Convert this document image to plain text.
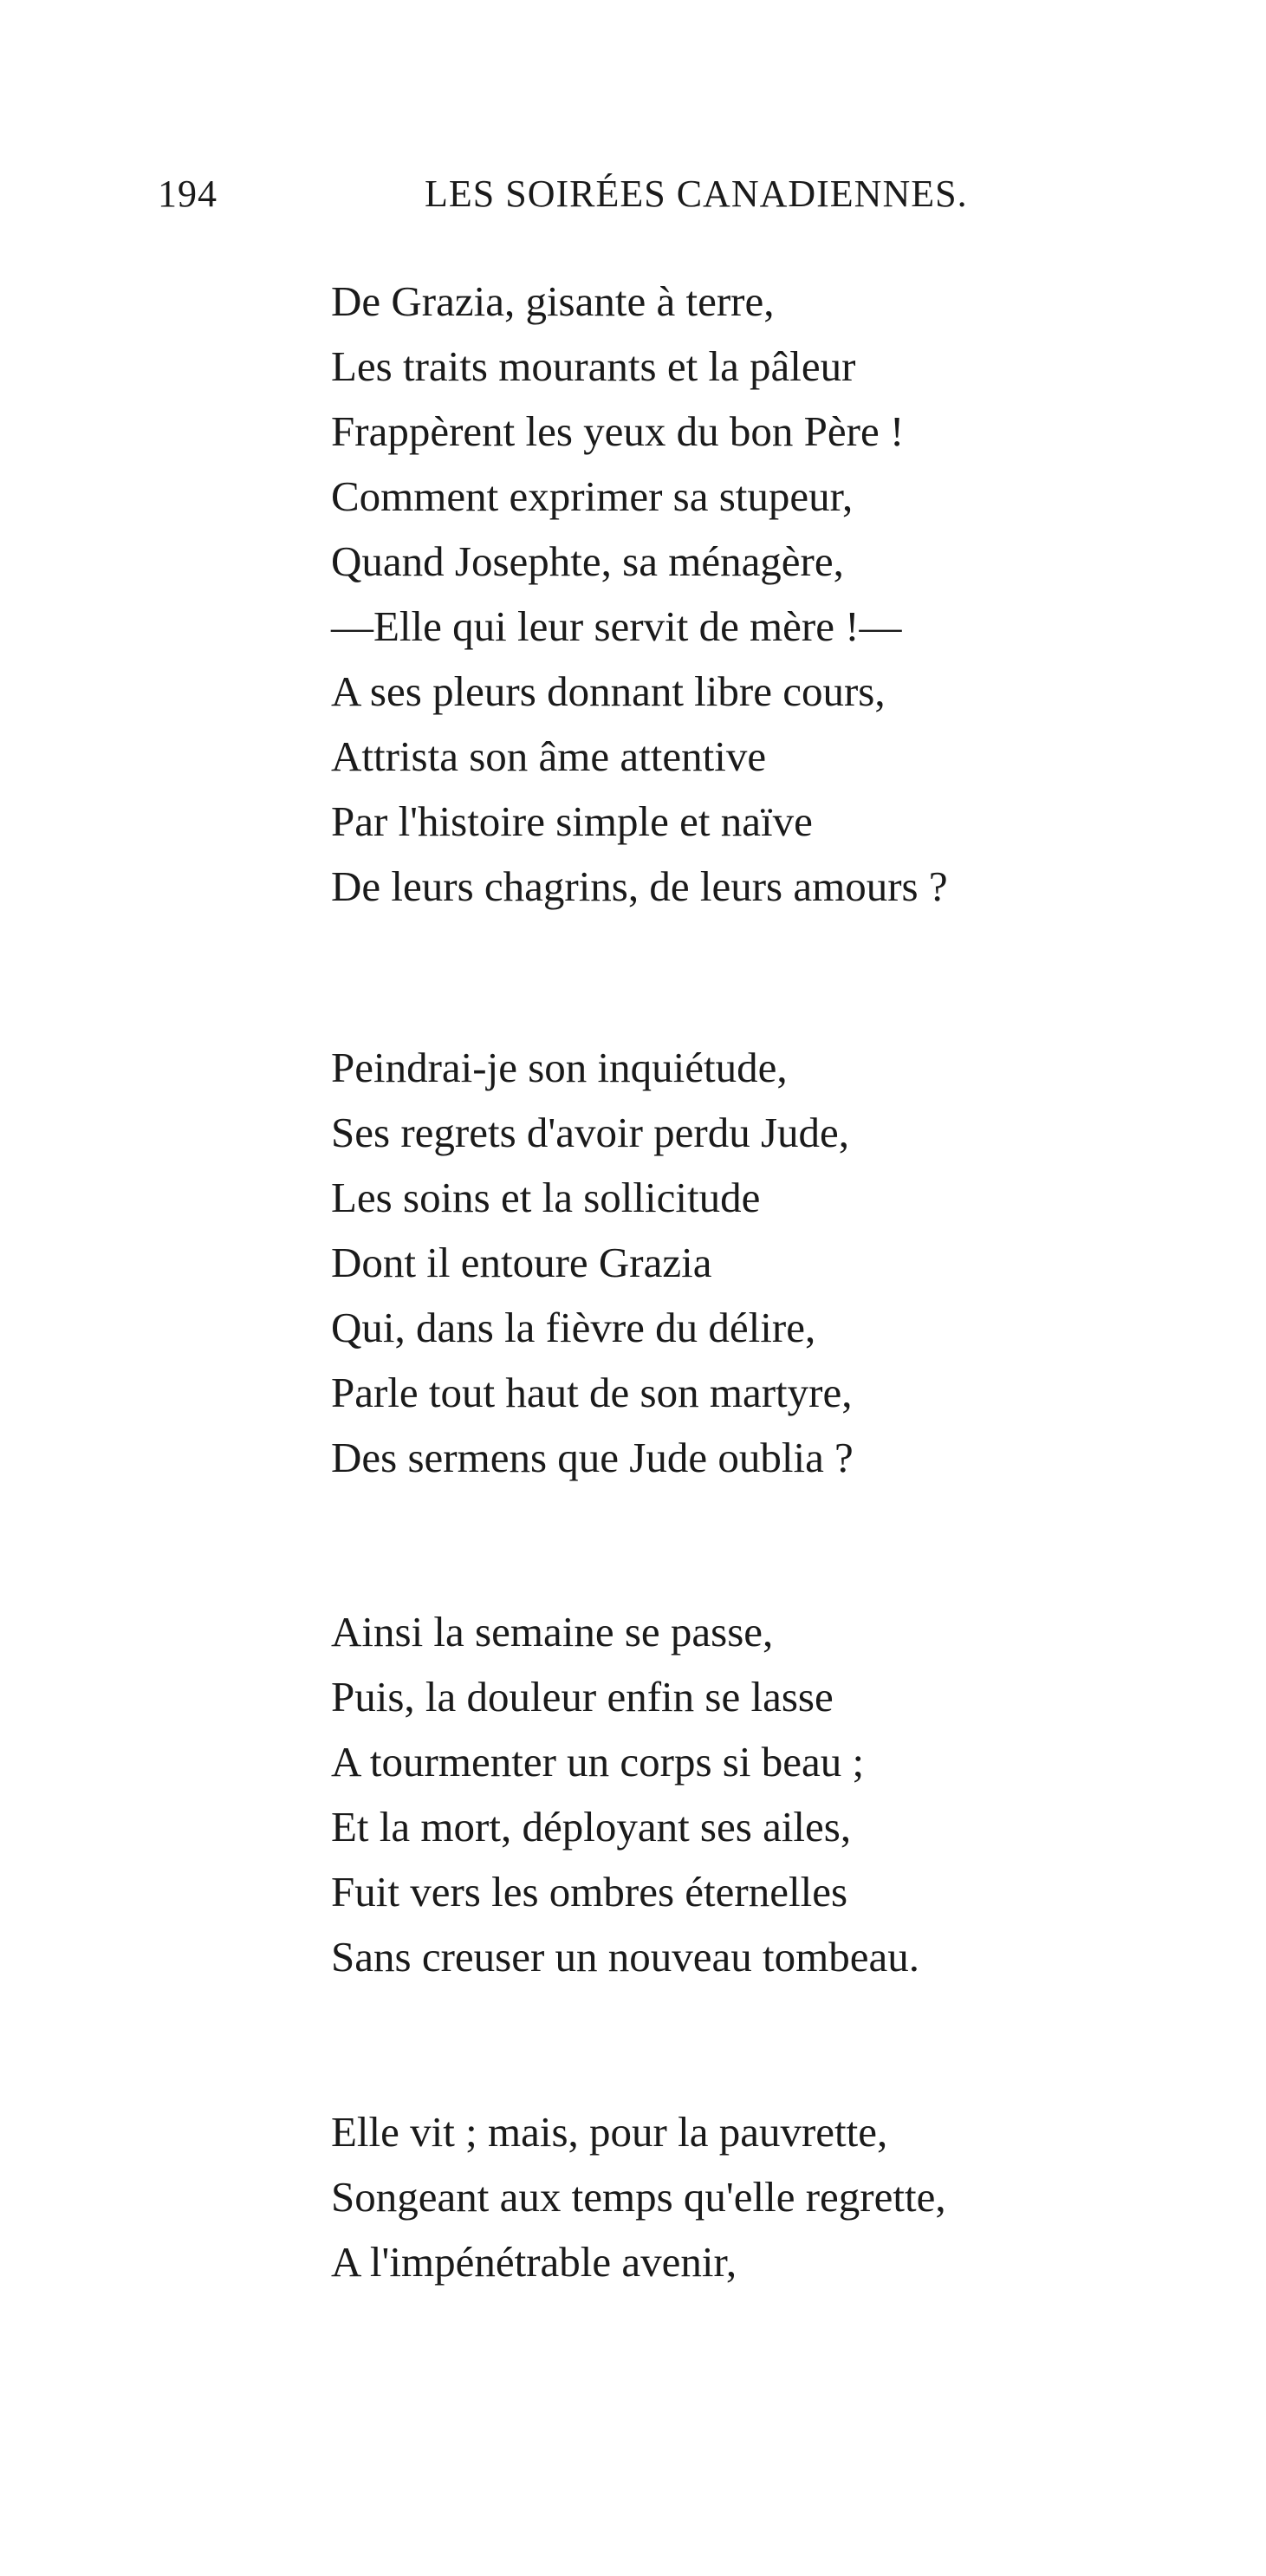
194	LES SOIRÉES CANADIENNES.
De Grazia, gisante à terre,
Les traits mourants et la pâleur
Frappèrent les yeux du bon Père !
Comment exprimer sa stupeur,
Quand Josephte, sa ménagère,
—Elle qui leur servit de mère !—
A ses pleurs donnant libre cours,
Attrista son âme attentive
Par l'histoire simple et naïve
De leurs chagrins, de leurs amours ?
Peindrai-je son inquiétude,
Ses regrets d'avoir perdu Jude,
Les soins et la sollicitude
Dont il entoure Grazia
Qui, dans la fièvre du délire,
Parle tout haut de son martyre,
Des sermens que Jude oublia ?
Ainsi la semaine se passe,
Puis, la douleur enfin se lasse
A tourmenter un corps si beau ;
Et la mort, déployant ses ailes,
Fuit vers les ombres éternelles
Sans creuser un nouveau tombeau.
Elle vit ; mais, pour la pauvrette,
Songeant aux temps qu'elle regrette,
A l'impénétrable avenir,
